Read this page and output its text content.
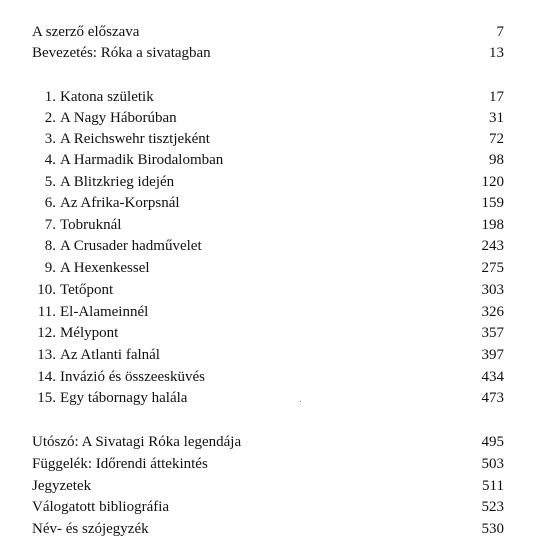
A szerző előszava	7
Bevezetés: Róka a sivatagban	13
1. Katona születik	17
2. A Nagy Háborúban	31
3. A Reichswehr tisztjeként	72
4. A Harmadik Birodalomban	98
5. A Blitzkrieg idején	120
6. Az Afrika-Korpsnál	159
7. Tobruknál	198
8. A Crusader hadművelet	243
9. A Hexenkessel	275
10. Tetőpont	303
11. El-Alameinnél	326
12. Mélypont	357
13. Az Atlanti falnál	397
14. Invázió és összeesküvés	434
15. Egy tábornagy halála	473
Utószó: A Sivatagi Róka legendája	495
Függelék: Időrendi áttekintés	503
Jegyzetek	511
Válogatott bibliográfia	523
Név- és szójegyzék	530
